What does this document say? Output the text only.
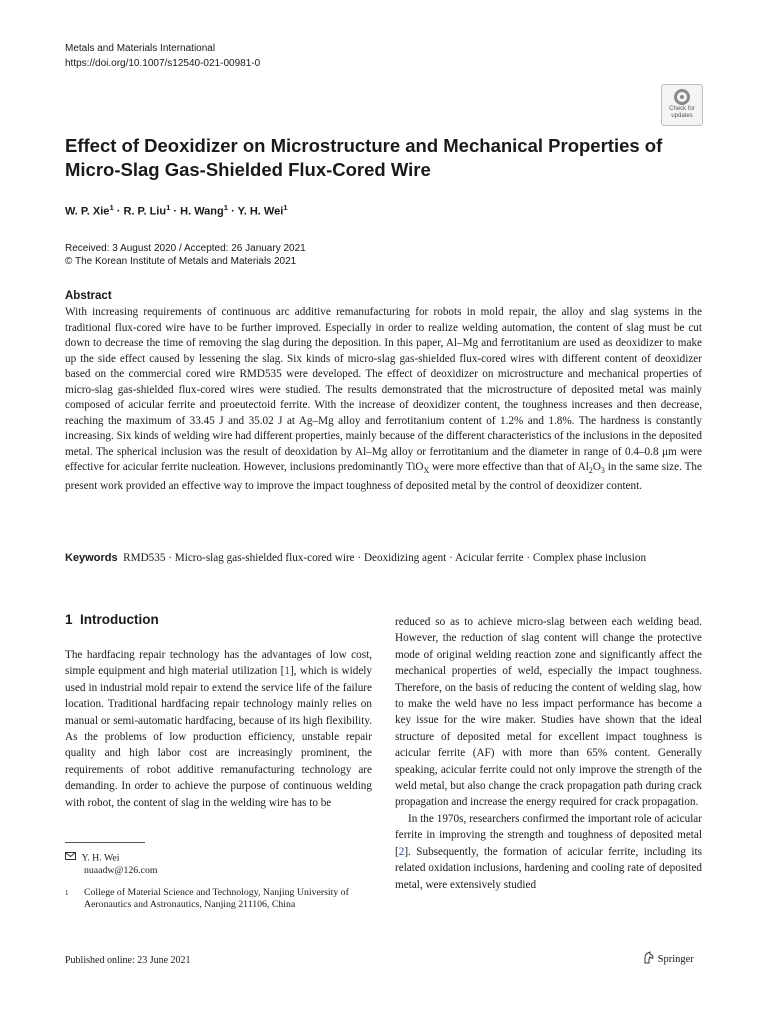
Metals and Materials International
https://doi.org/10.1007/s12540-021-00981-0
Check for
updates
Effect of Deoxidizer on Microstructure and Mechanical Properties of Micro-Slag Gas-Shielded Flux-Cored Wire
W. P. Xie$^1$ · R. P. Liu$^1$ · H. Wang$^1$ · Y. H. Wei$^1$
Received: 3 August 2020 / Accepted: 26 January 2021
© The Korean Institute of Metals and Materials 2021
Abstract
With increasing requirements of continuous arc additive remanufacturing for robots in mold repair, the alloy and slag systems in the traditional flux-cored wire have to be further improved. Especially in order to realize welding automation, the content of slag must be cut down to decrease the time of removing the slag during the deposition. In this paper, Al–Mg and ferrotitanium are used as deoxidizer to make up the side effect caused by lessening the slag. Six kinds of micro-slag gas-shielded flux-cored wires with different content of deoxidizer based on the commercial cored wire RMD535 were developed. The effect of deoxidizer on microstructure and mechanical properties of micro-slag gas-shielded flux-cored wires were studied. The results demonstrated that the microstructure of deposited metal was mainly composed of acicular ferrite and proeutectoid ferrite. With the increase of deoxidizer content, the toughness increases and then decrease, reaching the maximum of 33.45 J and 35.02 J at Ag–Mg alloy and ferrotitanium content of 1.2% and 1.8%. The hardness is constantly increasing. Six kinds of welding wire had different properties, mainly because of the different characteristics of the inclusions in the deposited metal. The spherical inclusion was the result of deoxidation by Al–Mg alloy or ferrotitanium and the diameter in range of 0.4–0.8 μm were effective for acicular ferrite nucleation. However, inclusions predominantly TiO$_X$ were more effective than that of $Al_2O_3$ in the same size. The present work provided an effective way to improve the impact toughness of deposited metal by the control of deoxidizer content.
Keywords RMD535 · Micro-slag gas-shielded flux-cored wire · Deoxidizing agent · Acicular ferrite · Complex phase inclusion
1 Introduction

The hardfacing repair technology has the advantages of low cost, simple equipment and high material utilization [1], which is widely used in industrial mold repair to extend the service life of the failure location. Traditional hardfacing repair technology mainly relies on manual or semi-automatic hardfacing, because of its high flexibility. As the problems of low production efficiency, unstable repair quality and high labor cost are increasingly prominent, the requirements of robot additive remanufacturing technology are demanding. In order to achieve the purpose of continuous welding with robot, the content of slag in the welding wire has to be

reduced so as to achieve micro-slag between each welding bead. However, the reduction of slag content will change the protective mode of original welding reaction zone and significantly affect the mechanical properties of weld, especially the impact toughness. Therefore, on the basis of reducing the content of welding slag, how to make the weld have no less impact performance has become a key issue for the wire maker. Studies have shown that the ideal structure of deposited metal for excellent impact toughness is acicular ferrite (AF) with more than 65% content. Generally speaking, acicular ferrite could not only improve the strength of the weld metal, but also change the crack propagation path during crack propagation and increase the energy required for crack propagation.

In the 1970s, researchers confirmed the important role of acicular ferrite in improving the strength and toughness of deposited metal [2]. Subsequently, the formation of acicular ferrite, including its related oxidation inclusions, hardening and cooling rate of deposited metal, were extensively studied

Y. H. Wei
nuaadw@126.com
1	College of Material Science and Technology, Nanjing University of Aeronautics and Astronautics, Nanjing 211106, China
Published online: 23 June 2021	Springer
